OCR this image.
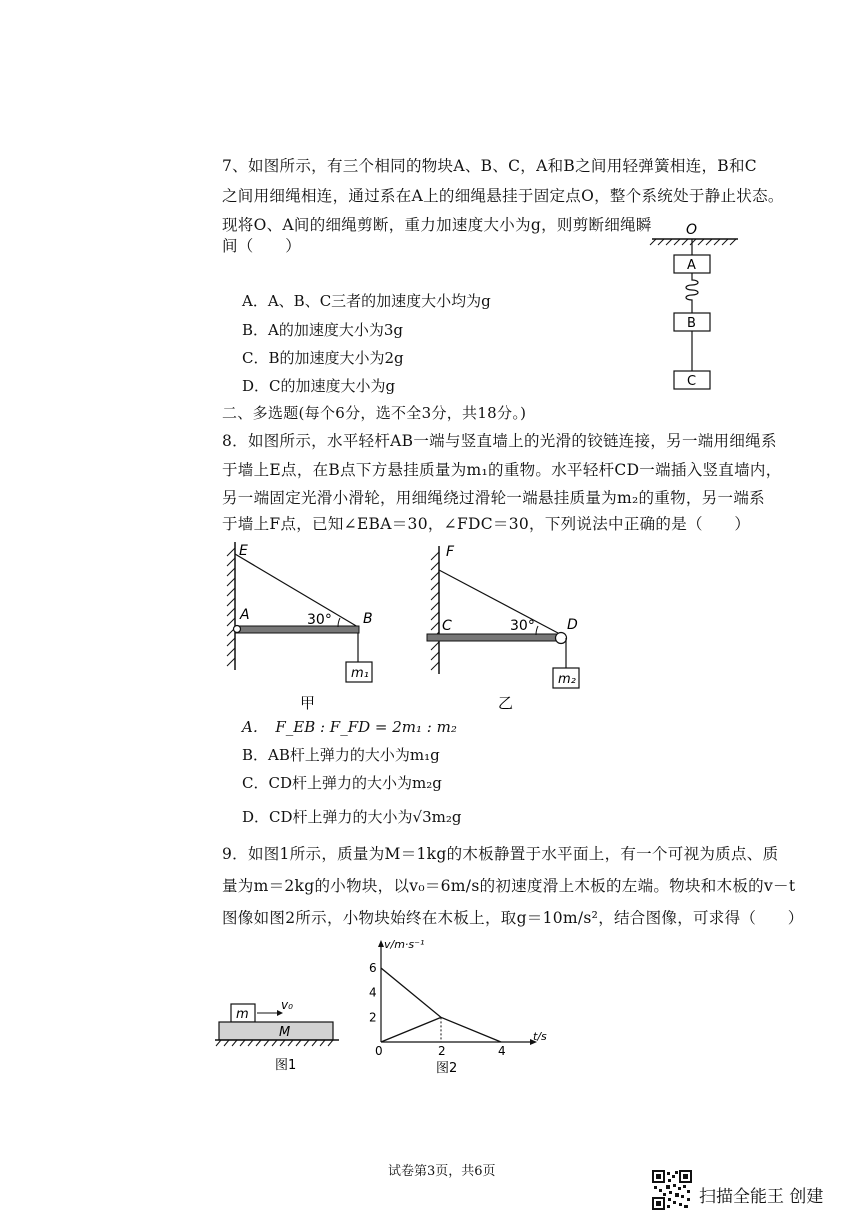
7、如图所示，有三个相同的物块A、B、C，A和B之间用轻弹簧相连，B和C
之间用细绳相连，通过系在A上的细绳悬挂于固定点O，整个系统处于静止状态。
现将O、A间的细绳剪断，重力加速度大小为g，则剪断细绳瞬
间（　　）
A．A、B、C三者的加速度大小均为g
B．A的加速度大小为3g
C．B的加速度大小为2g
D．C的加速度大小为g
O
A
B
C
二、多选题(每个6分，选不全3分，共18分。)
8．如图所示，水平轻杆AB一端与竖直墙上的光滑的铰链连接，另一端用细绳系
于墙上E点，在B点下方悬挂质量为m₁的重物。水平轻杆CD一端插入竖直墙内，
另一端固定光滑小滑轮，用细绳绕过滑轮一端悬挂质量为m₂的重物，另一端系
于墙上F点，已知∠EBA＝30，∠FDC＝30，下列说法中正确的是（　　）
E
A	30° B
m₁
甲
F
C	30° D
m₂
乙
A．　F_EB : F_FD = 2m₁ : m₂
B．AB杆上弹力的大小为m₁g
C．CD杆上弹力的大小为m₂g
D．CD杆上弹力的大小为√3m₂g
9．如图1所示，质量为M＝1kg的木板静置于水平面上，有一个可视为质点、质
量为m＝2kg的小物块，以v₀＝6m/s的初速度滑上木板的左端。物块和木板的v－t
图像如图2所示，小物块始终在木板上，取g＝10m/s²，结合图像，可求得（　　）
m
v₀
M
图1
v/m·s⁻¹
t/s
6
4
2
0	2	4
图2
试卷第3页，共6页
扫描全能王 创建
